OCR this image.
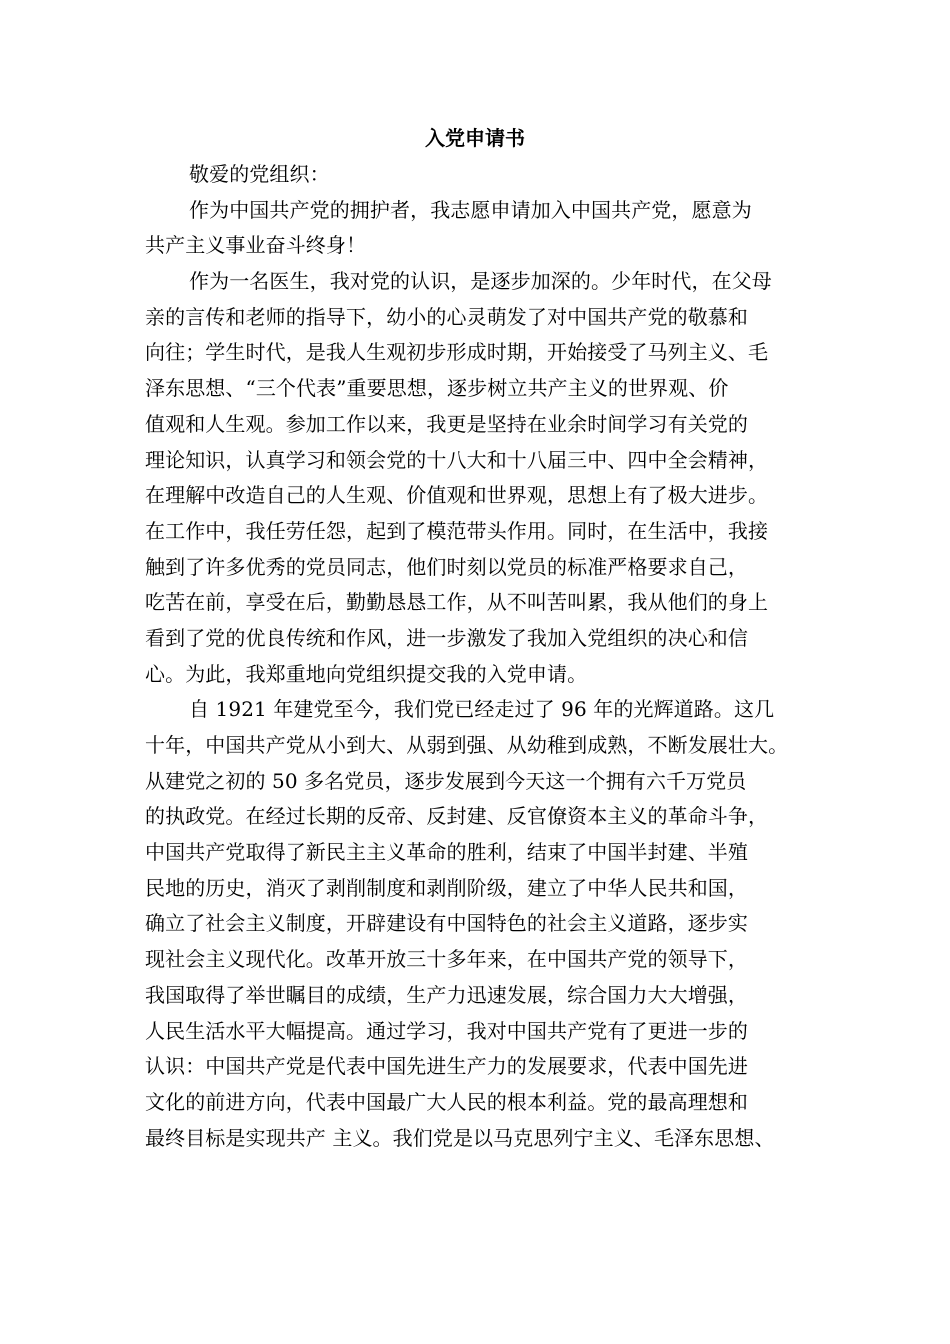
入党申请书
敬爱的党组织：
作为中国共产党的拥护者，我志愿申请加入中国共产党，愿意为
共产主义事业奋斗终身！
作为一名医生，我对党的认识，是逐步加深的。少年时代，在父母
亲的言传和老师的指导下，幼小的心灵萌发了对中国共产党的敬慕和
向往；学生时代，是我人生观初步形成时期，开始接受了马列主义、毛
泽东思想、“三个代表”重要思想，逐步树立共产主义的世界观、价
值观和人生观。参加工作以来，我更是坚持在业余时间学习有关党的
理论知识，认真学习和领会党的十八大和十八届三中、四中全会精神，
在理解中改造自己的人生观、价值观和世界观，思想上有了极大进步。
在工作中，我任劳任怨，起到了模范带头作用。同时，在生活中，我接
触到了许多优秀的党员同志，他们时刻以党员的标准严格要求自己，
吃苦在前，享受在后，勤勤恳恳工作，从不叫苦叫累，我从他们的身上
看到了党的优良传统和作风，进一步激发了我加入党组织的决心和信
心。为此，我郑重地向党组织提交我的入党申请。
自 1921 年建党至今，我们党已经走过了 96 年的光辉道路。这几
十年，中国共产党从小到大、从弱到强、从幼稚到成熟，不断发展壮大。
从建党之初的 50 多名党员，逐步发展到今天这一个拥有六千万党员
的执政党。在经过长期的反帝、反封建、反官僚资本主义的革命斗争，
中国共产党取得了新民主主义革命的胜利，结束了中国半封建、半殖
民地的历史，消灭了剥削制度和剥削阶级，建立了中华人民共和国，
确立了社会主义制度，开辟建设有中国特色的社会主义道路，逐步实
现社会主义现代化。改革开放三十多年来，在中国共产党的领导下，
我国取得了举世瞩目的成绩，生产力迅速发展，综合国力大大增强，
人民生活水平大幅提高。通过学习，我对中国共产党有了更进一步的
认识：中国共产党是代表中国先进生产力的发展要求，代表中国先进
文化的前进方向，代表中国最广大人民的根本利益。党的最高理想和
最终目标是实现共产 主义。我们党是以马克思列宁主义、毛泽东思想、
